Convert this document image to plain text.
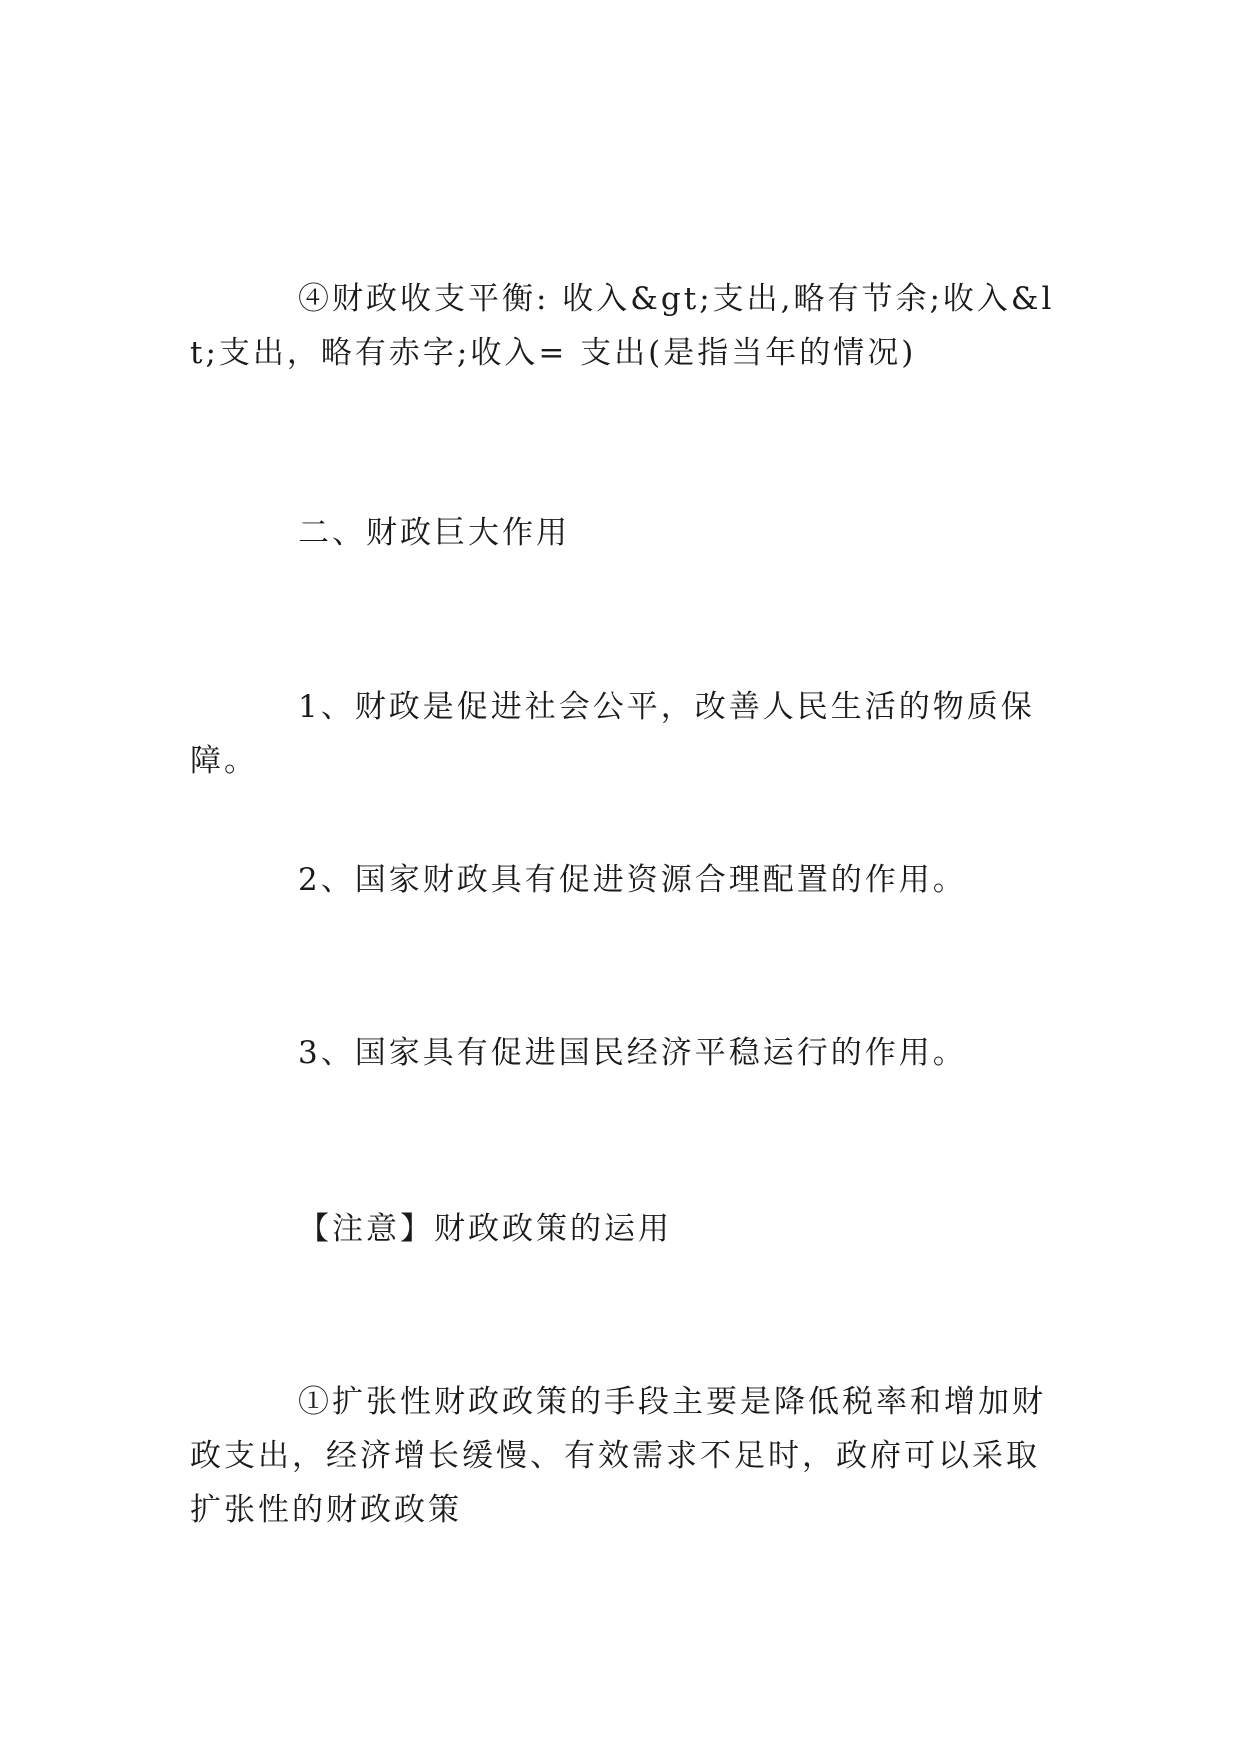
④财政收支平衡: 收入&gt;支出,略有节余;收入&lt;支出，略有赤字;收入= 支出(是指当年的情况)

二、财政巨大作用

1、财政是促进社会公平，改善人民生活的物质保障。

2、国家财政具有促进资源合理配置的作用。

3、国家具有促进国民经济平稳运行的作用。

【注意】财政政策的运用

①扩张性财政政策的手段主要是降低税率和增加财政支出，经济增长缓慢、有效需求不足时，政府可以采取扩张性的财政政策
